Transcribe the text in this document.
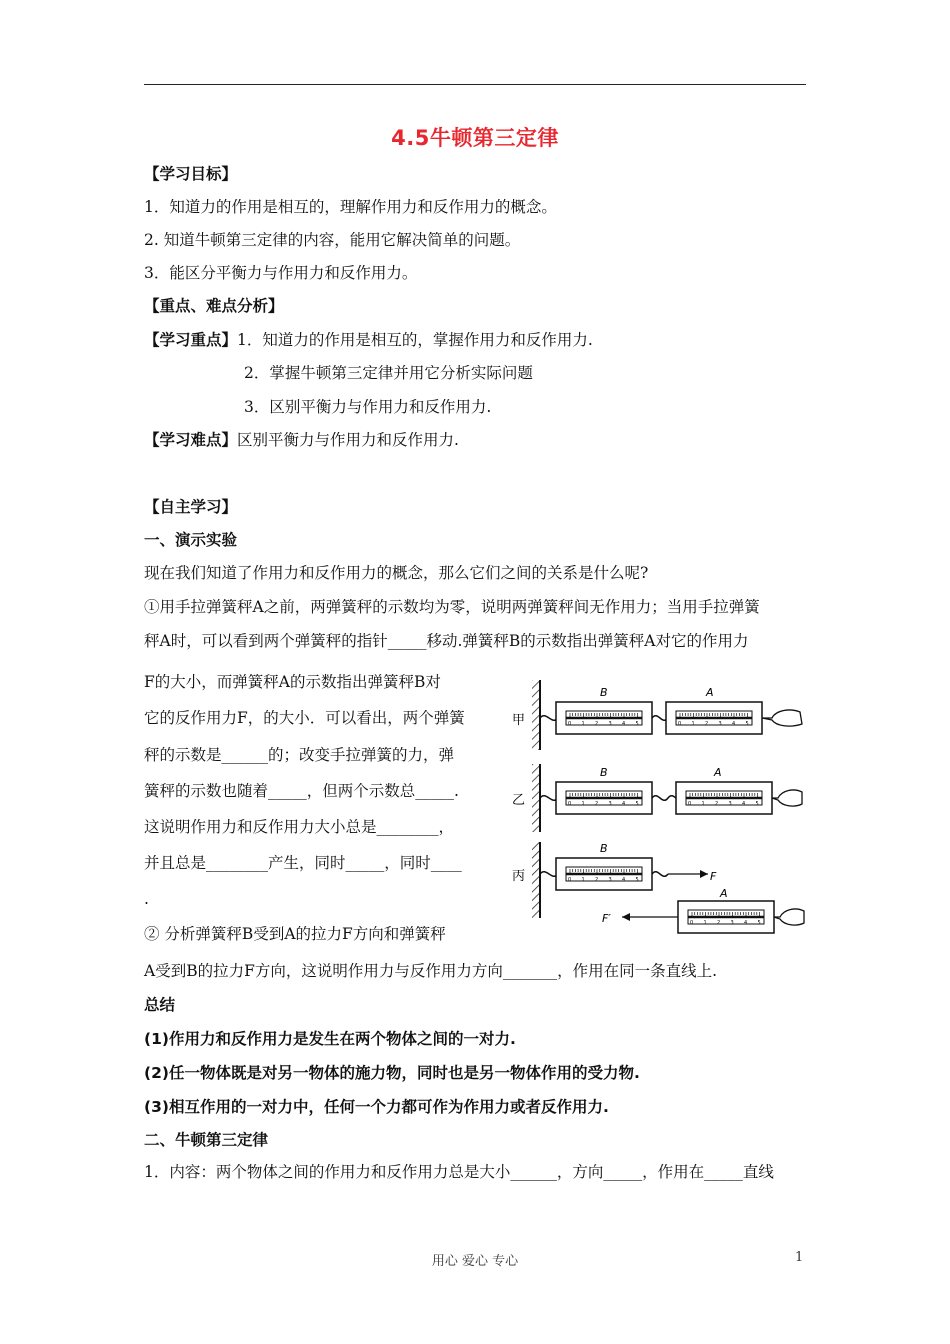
4.5牛顿第三定律
【学习目标】
1．知道力的作用是相互的，理解作用力和反作用力的概念。
2. 知道牛顿第三定律的内容，能用它解决简单的问题。
3．能区分平衡力与作用力和反作用力。
【重点、难点分析】
【学习重点】1．知道力的作用是相互的，掌握作用力和反作用力.
2．掌握牛顿第三定律并用它分析实际问题
3．区别平衡力与作用力和反作用力.
【学习难点】区别平衡力与作用力和反作用力.
【自主学习】
一、演示实验
现在我们知道了作用力和反作用力的概念，那么它们之间的关系是什么呢?
①用手拉弹簧秤A之前，两弹簧秤的示数均为零，说明两弹簧秤间无作用力；当用手拉弹簧
秤A时，可以看到两个弹簧秤的指针_____移动.弹簧秤B的示数指出弹簧秤A对它的作用力
F的大小，而弹簧秤A的示数指出弹簧秤B对
它的反作用力F，的大小．可以看出，两个弹簧
秤的示数是______的；改变手拉弹簧的力，弹
簧秤的示数也随着_____，但两个示数总_____.
这说明作用力和反作用力大小总是________，
并且总是________产生，同时_____，同时____
.
② 分析弹簧秤B受到A的拉力F方向和弹簧秤
A受到B的拉力F方向，这说明作用力与反作用力方向_______，作用在同一条直线上.
总结
(1)作用力和反作用力是发生在两个物体之间的一对力.
(2)任一物体既是对另一物体的施力物，同时也是另一物体作用的受力物.
(3)相互作用的一对力中，任何一个力都可作为作用力或者反作用力.
二、牛顿第三定律
1．内容：两个物体之间的作用力和反作用力总是大小______，方向_____，作用在_____直线
甲
B	A
乙
B	A
丙
B
F
F′
A
0 1 2 3 4 5	0 1 2 3 4 5
0 1 2 3 4 5	0 1 2 3 4 5
0 1 2 3 4 5
0 1 2 3 4 5
用心 爱心 专心	1
